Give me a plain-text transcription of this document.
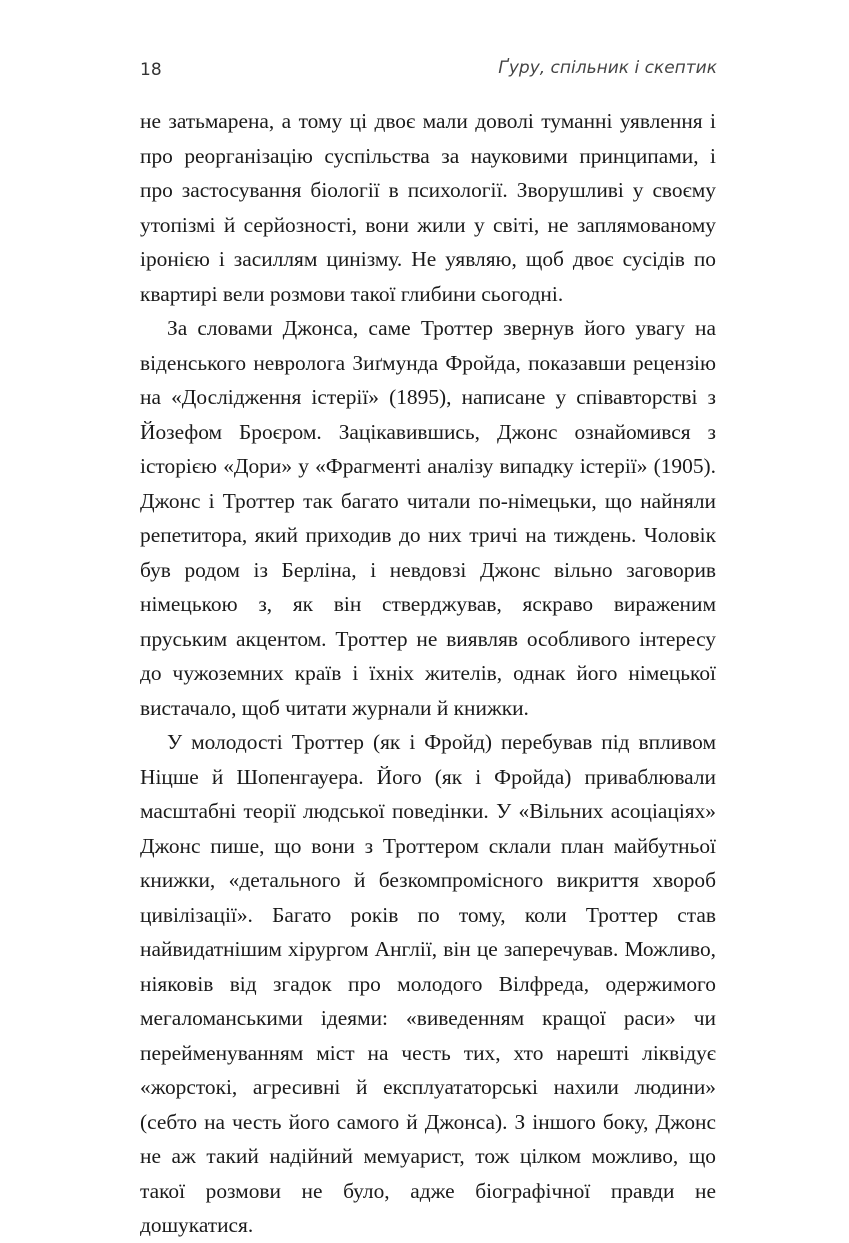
18	Ґуру, спільник і скептик

не затьмарена, а тому ці двоє мали доволі туманні уявлення і про реорганізацію суспільства за науковими принципами, і про застосування біології в психології. Зворушливі у своєму утопізмі й серйозності, вони жили у світі, не заплямованому іронією і засиллям цинізму. Не уявляю, щоб двоє сусідів по квартирі вели розмови такої глибини сьогодні.

За словами Джонса, саме Троттер звернув його увагу на віденського невролога Зиґмунда Фройда, показавши рецензію на «Дослідження істерії» (1895), написане у співавторстві з Йозефом Броєром. Зацікавившись, Джонс ознайомився з історією «Дори» у «Фрагменті аналізу випадку істерії» (1905). Джонс і Троттер так багато читали по-німецьки, що найняли репетитора, який приходив до них тричі на тиждень. Чоловік був родом із Берліна, і невдовзі Джонс вільно заговорив німецькою з, як він стверджував, яскраво вираженим пруським акцентом. Троттер не виявляв особливого інтересу до чужоземних країв і їхніх жителів, однак його німецької вистачало, щоб читати журнали й книжки.

У молодості Троттер (як і Фройд) перебував під впливом Ніцше й Шопенгауера. Його (як і Фройда) приваблювали масштабні теорії людської поведінки. У «Вільних асоціаціях» Джонс пише, що вони з Троттером склали план майбутньої книжки, «детального й безкомпромісного викриття хвороб цивілізації». Багато років по тому, коли Троттер став найвидатнішим хірургом Англії, він це заперечував. Можливо, ніяковів від згадок про молодого Вілфреда, одержимого мегаломанськими ідеями: «виведенням кращої раси» чи перейменуванням міст на честь тих, хто нарешті ліквідує «жорстокі, агресивні й експлуататорські нахили людини» (себто на честь його самого й Джонса). З іншого боку, Джонс не аж такий надійний мемуарист, тож цілком можливо, що такої розмови не було, адже біографічної правди не дошукатися.
